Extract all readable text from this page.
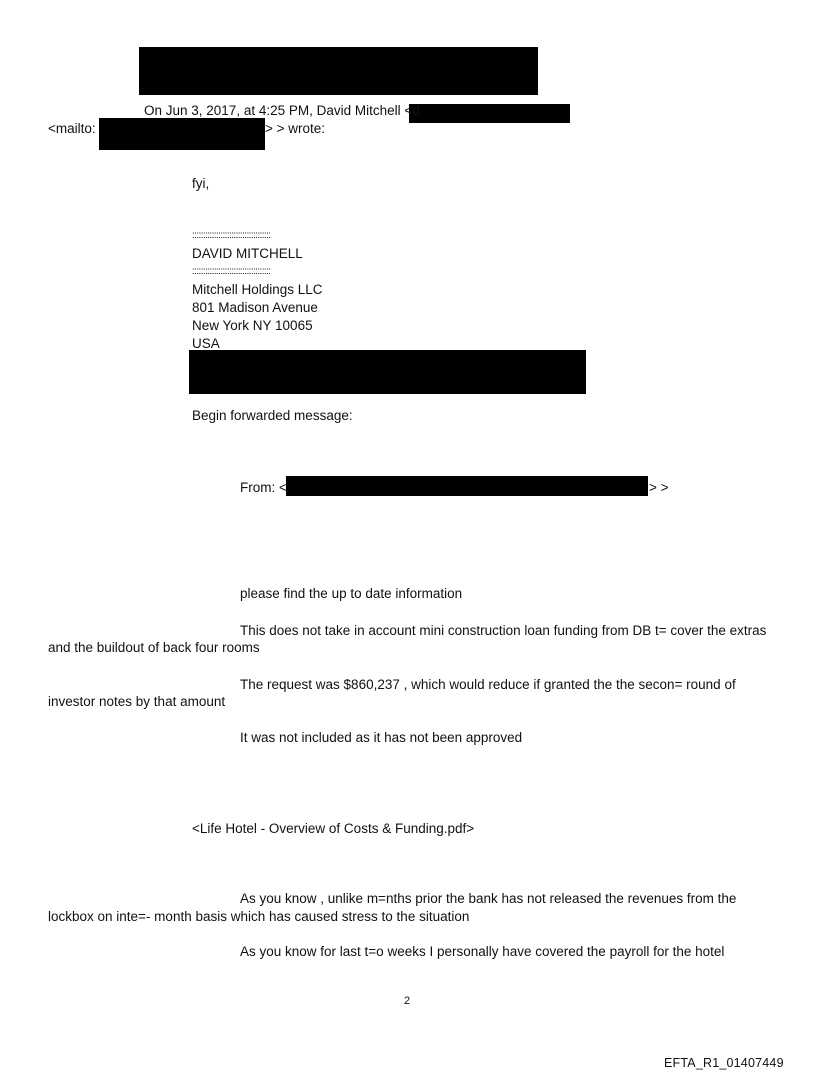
On Jun 3, 2017, at 4:25 PM, David Mitchell <d
<mailto:	> > wrote:
fyi,
::::::::::::::::::::::::::::::::::::
DAVID MITCHELL
::::::::::::::::::::::::::::::::::::
Mitchell Holdings LLC
801 Madison Avenue
New York NY 10065
USA
Begin forwarded message:
From: <	> >
please find the up to date information
This does not take in account mini construction loan funding from DB t= cover the extras
and the buildout of back four rooms
The request was $860,237 , which would reduce if granted the the secon= round of
investor notes by that amount
It was not included as it has not been approved
<Life Hotel - Overview of Costs & Funding.pdf>
As you know , unlike m=nths prior the bank has not released the revenues from the
lockbox on inte=- month basis which has caused stress to the situation
As you know for last t=o weeks I personally have covered the payroll for the hotel
2
EFTA_R1_01407449
